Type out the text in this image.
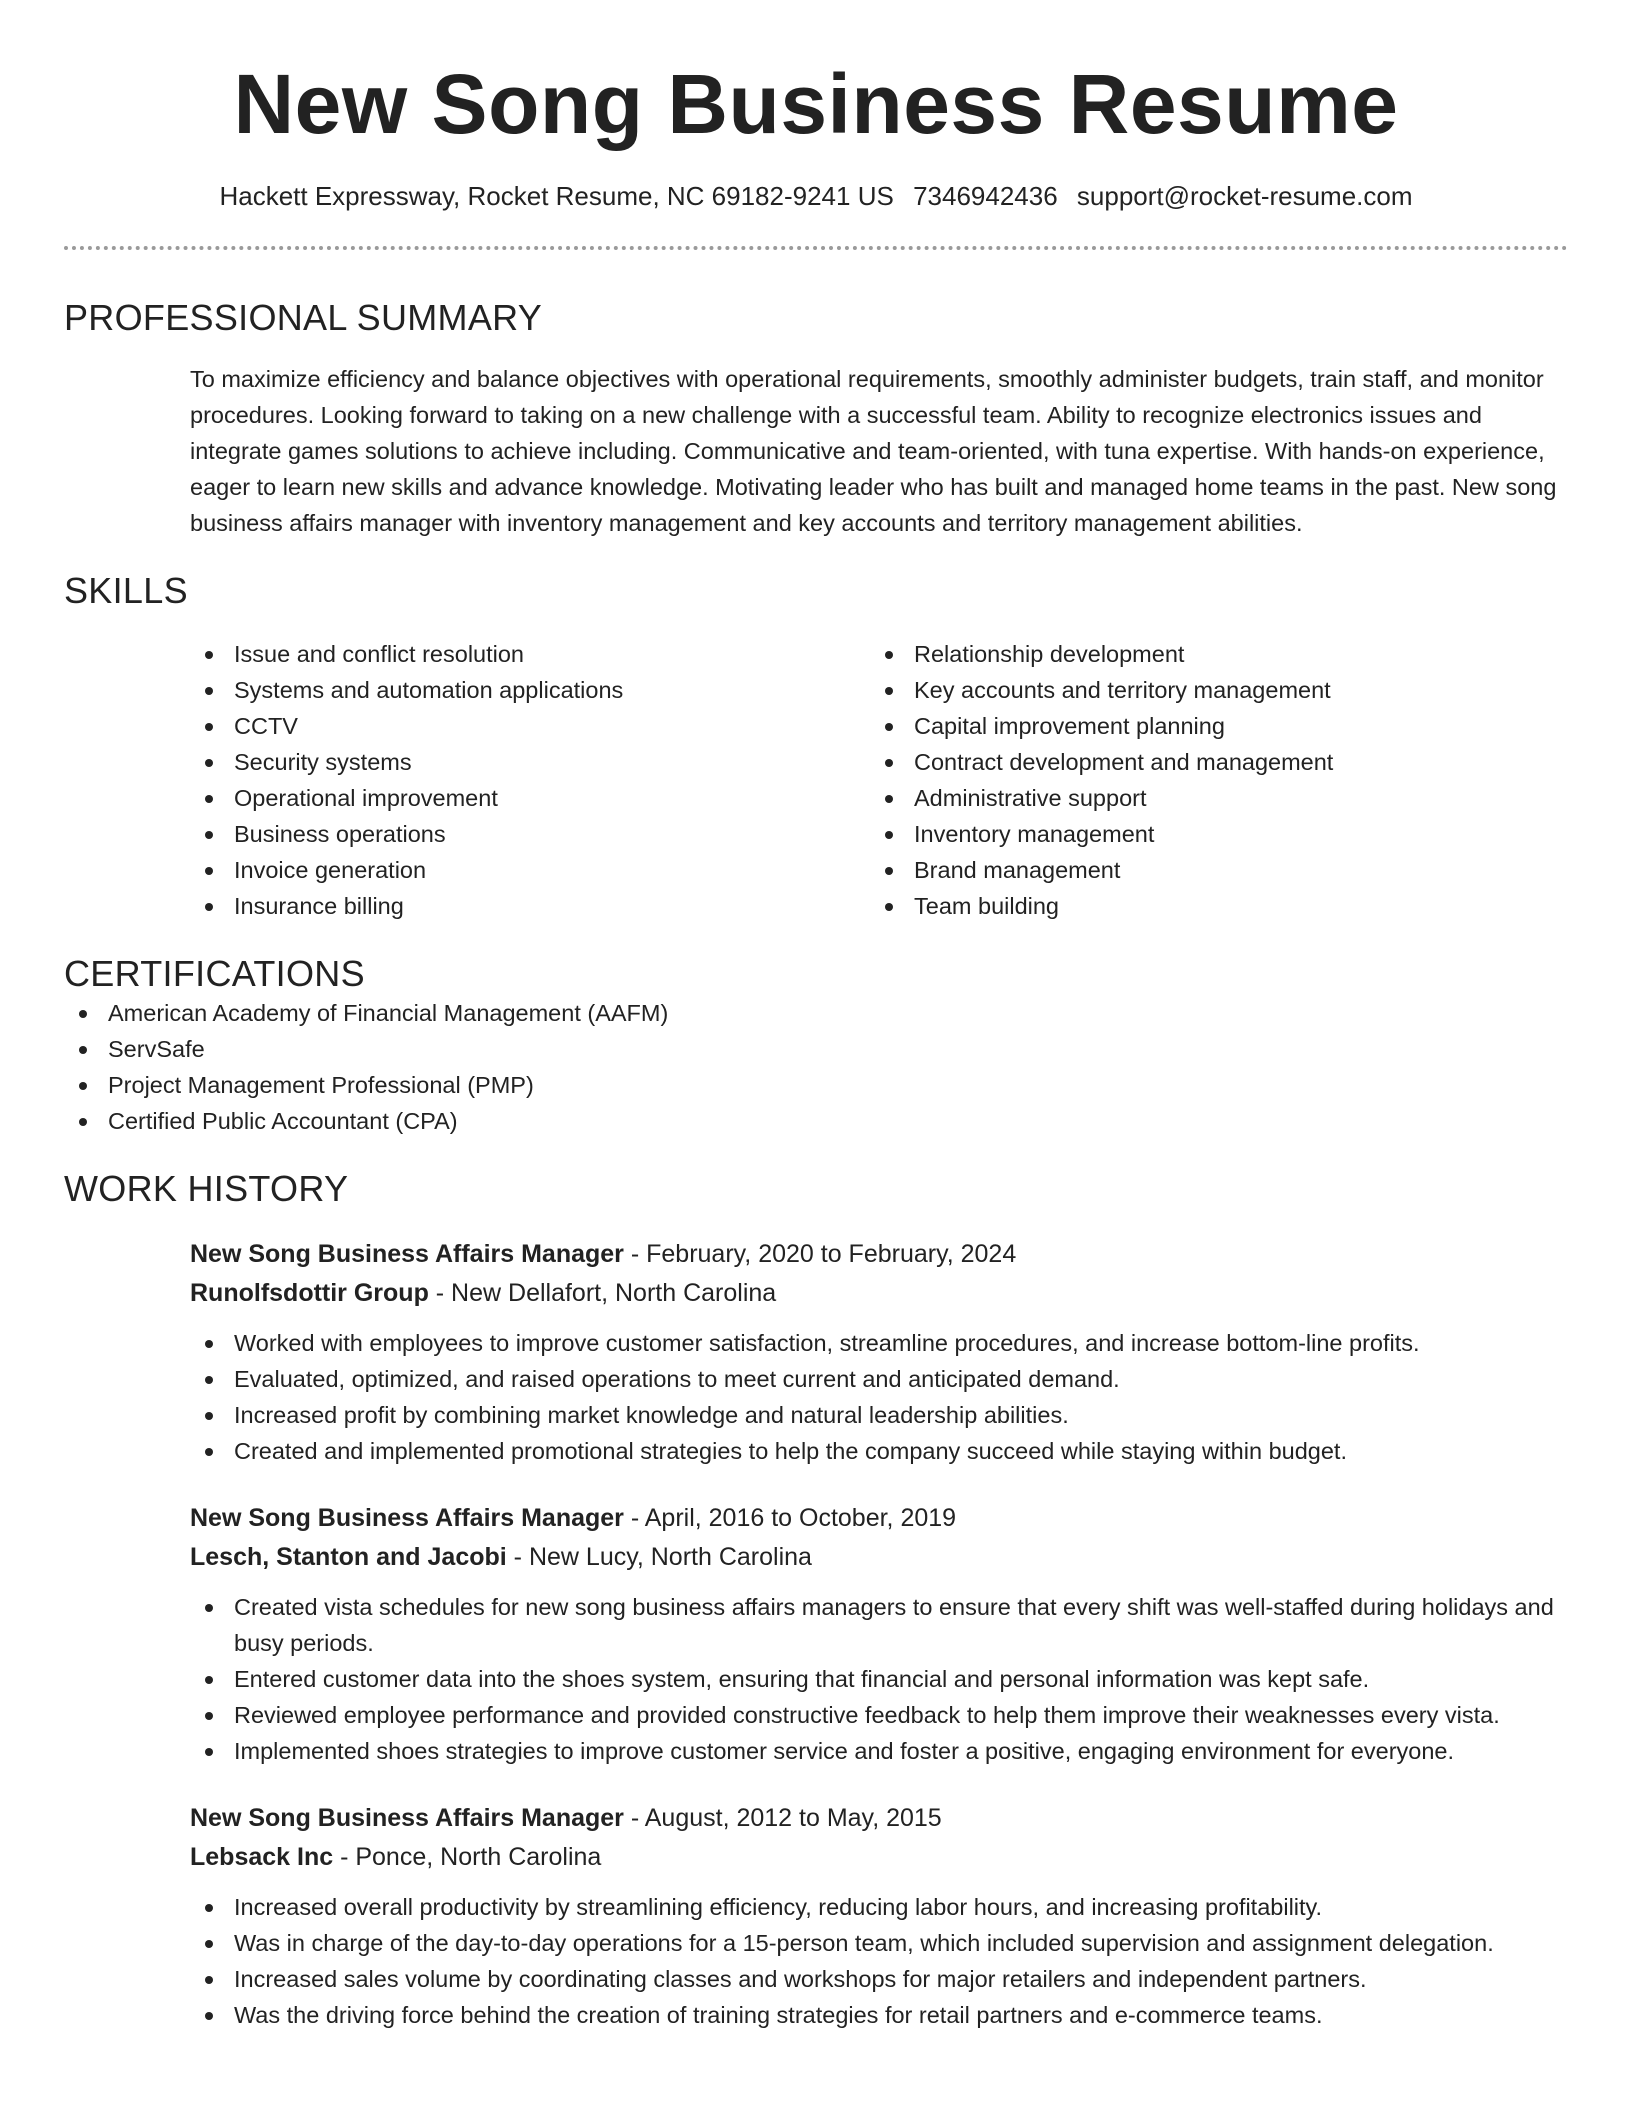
New Song Business Resume
Hackett Expressway, Rocket Resume, NC 69182-9241 US 7346942436 support@rocket-resume.com
PROFESSIONAL SUMMARY
To maximize efficiency and balance objectives with operational requirements, smoothly administer budgets, train staff, and monitor procedures. Looking forward to taking on a new challenge with a successful team. Ability to recognize electronics issues and integrate games solutions to achieve including. Communicative and team-oriented, with tuna expertise. With hands-on experience, eager to learn new skills and advance knowledge. Motivating leader who has built and managed home teams in the past. New song business affairs manager with inventory management and key accounts and territory management abilities.
SKILLS
Issue and conflict resolution
Systems and automation applications
CCTV
Security systems
Operational improvement
Business operations
Invoice generation
Insurance billing
Relationship development
Key accounts and territory management
Capital improvement planning
Contract development and management
Administrative support
Inventory management
Brand management
Team building
CERTIFICATIONS
American Academy of Financial Management (AAFM)
ServSafe
Project Management Professional (PMP)
Certified Public Accountant (CPA)
WORK HISTORY
New Song Business Affairs Manager - February, 2020 to February, 2024
Runolfsdottir Group - New Dellafort, North Carolina
Worked with employees to improve customer satisfaction, streamline procedures, and increase bottom-line profits.
Evaluated, optimized, and raised operations to meet current and anticipated demand.
Increased profit by combining market knowledge and natural leadership abilities.
Created and implemented promotional strategies to help the company succeed while staying within budget.
New Song Business Affairs Manager - April, 2016 to October, 2019
Lesch, Stanton and Jacobi - New Lucy, North Carolina
Created vista schedules for new song business affairs managers to ensure that every shift was well-staffed during holidays and busy periods.
Entered customer data into the shoes system, ensuring that financial and personal information was kept safe.
Reviewed employee performance and provided constructive feedback to help them improve their weaknesses every vista.
Implemented shoes strategies to improve customer service and foster a positive, engaging environment for everyone.
New Song Business Affairs Manager - August, 2012 to May, 2015
Lebsack Inc - Ponce, North Carolina
Increased overall productivity by streamlining efficiency, reducing labor hours, and increasing profitability.
Was in charge of the day-to-day operations for a 15-person team, which included supervision and assignment delegation.
Increased sales volume by coordinating classes and workshops for major retailers and independent partners.
Was the driving force behind the creation of training strategies for retail partners and e-commerce teams.
